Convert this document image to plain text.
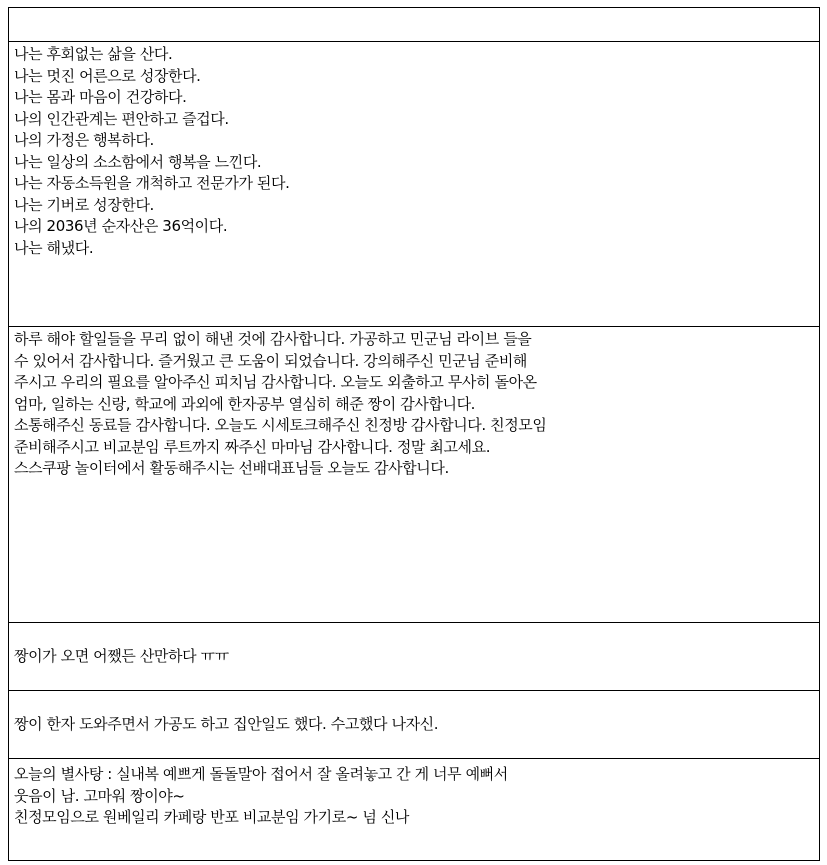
나는 후회없는 삶을 산다.
나는 멋진 어른으로 성장한다.
나는 몸과 마음이 건강하다.
나의 인간관계는 편안하고 즐겁다.
나의 가정은 행복하다.
나는 일상의 소소함에서 행복을 느낀다.
나는 자동소득원을 개척하고 전문가가 된다.
나는 기버로 성장한다.
나의 2036년 순자산은 36억이다.
나는 해냈다.

하루 해야 할일들을 무리 없이 해낸 것에 감사합니다. 가공하고 민군님 라이브 들을
수 있어서 감사합니다. 즐거웠고 큰 도움이 되었습니다. 강의해주신 민군님 준비해
주시고 우리의 필요를 알아주신 피치님 감사합니다. 오늘도 외출하고 무사히 돌아온
엄마, 일하는 신랑, 학교에 과외에 한자공부 열심히 해준 짱이 감사합니다.
소통해주신 동료들 감사합니다. 오늘도 시세토크해주신 친정방 감사합니다. 친정모임
준비해주시고 비교분임 루트까지 짜주신 마마님 감사합니다. 정말 최고세요.
스스쿠팡 놀이터에서 활동해주시는 선배대표님들 오늘도 감사합니다.

짱이가 오면 어쨌든 산만하다 ㅠㅠ
짱이 한자 도와주면서 가공도 하고 집안일도 했다. 수고했다 나자신.

오늘의 별사탕 : 실내복 예쁘게 돌돌말아 접어서 잘 올려놓고 간 게 너무 예뻐서
웃음이 남. 고마워 짱이야~
친정모임으로 원베일리 카페랑 반포 비교분임 가기로~ 넘 신나
